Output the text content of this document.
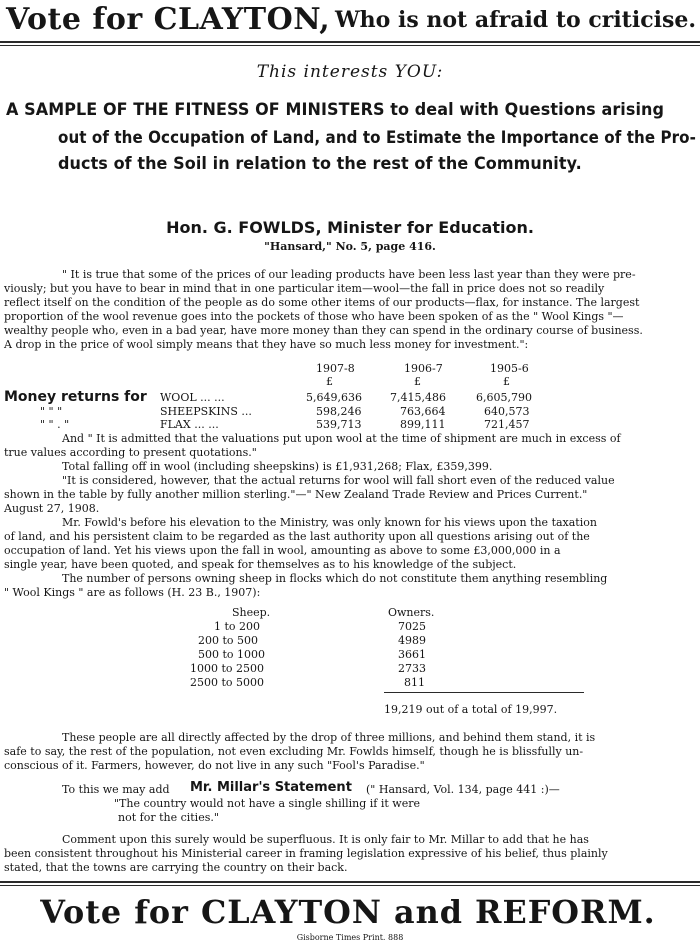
Vote for CLAYTON, Who is not afraid to criticise.
This interests YOU:
A SAMPLE OF THE FITNESS OF MINISTERS to deal with Questions arising
out of the Occupation of Land, and to Estimate the Importance of the Pro-
ducts of the Soil in relation to the rest of the Community.
Hon. G. FOWLDS, Minister for Education.
"Hansard," No. 5, page 416.
" It is true that some of the prices of our leading products have been less last year than they were pre-
viously; but you have to bear in mind that in one particular item—wool—the fall in price does not so readily
reflect itself on the condition of the people as do some other items of our products—flax, for instance. The largest
proportion of the wool revenue goes into the pockets of those who have been spoken of as the " Wool Kings "—
wealthy people who, even in a bad year, have more money than they can spend in the ordinary course of business.
A drop in the price of wool simply means that they have so much less money for investment.":
1907-8	1906-7	1905-6
£	£	£
Money returns for WOOL ... ...	5,649,636	7,415,486	6,605,790
" " "	SHEEPSKINS ...	598,246	763,664	640,573
" " . "	FLAX ... ...	539,713	899,111	721,457
And " It is admitted that the valuations put upon wool at the time of shipment are much in excess of
true values according to present quotations."
Total falling off in wool (including sheepskins) is £1,931,268; Flax, £359,399.
"It is considered, however, that the actual returns for wool will fall short even of the reduced value
shown in the table by fully another million sterling."—" New Zealand Trade Review and Prices Current."
August 27, 1908.
Mr. Fowld's before his elevation to the Ministry, was only known for his views upon the taxation
of land, and his persistent claim to be regarded as the last authority upon all questions arising out of the
occupation of land. Yet his views upon the fall in wool, amounting as above to some £3,000,000 in a
single year, have been quoted, and speak for themselves as to his knowledge of the subject.
The number of persons owning sheep in flocks which do not constitute them anything resembling
" Wool Kings " are as follows (H. 23 B., 1907):
Sheep.	Owners.
1 to 200	7025
200 to 500	4989
500 to 1000	3661
1000 to 2500	2733
2500 to 5000	811
19,219 out of a total of 19,997.
These people are all directly affected by the drop of three millions, and behind them stand, it is
safe to say, the rest of the population, not even excluding Mr. Fowlds himself, though he is blissfully un-
conscious of it. Farmers, however, do not live in any such "Fool's Paradise."
To this we may add Mr. Millar's Statement (" Hansard, Vol. 134, page 441 :)—
"The country would not have a single shilling if it were
not for the cities."
Comment upon this surely would be superfluous. It is only fair to Mr. Millar to add that he has
been consistent throughout his Ministerial career in framing legislation expressive of his belief, thus plainly
stated, that the towns are carrying the country on their back.
Vote for CLAYTON and REFORM.
Gisborne Times Print. 888
